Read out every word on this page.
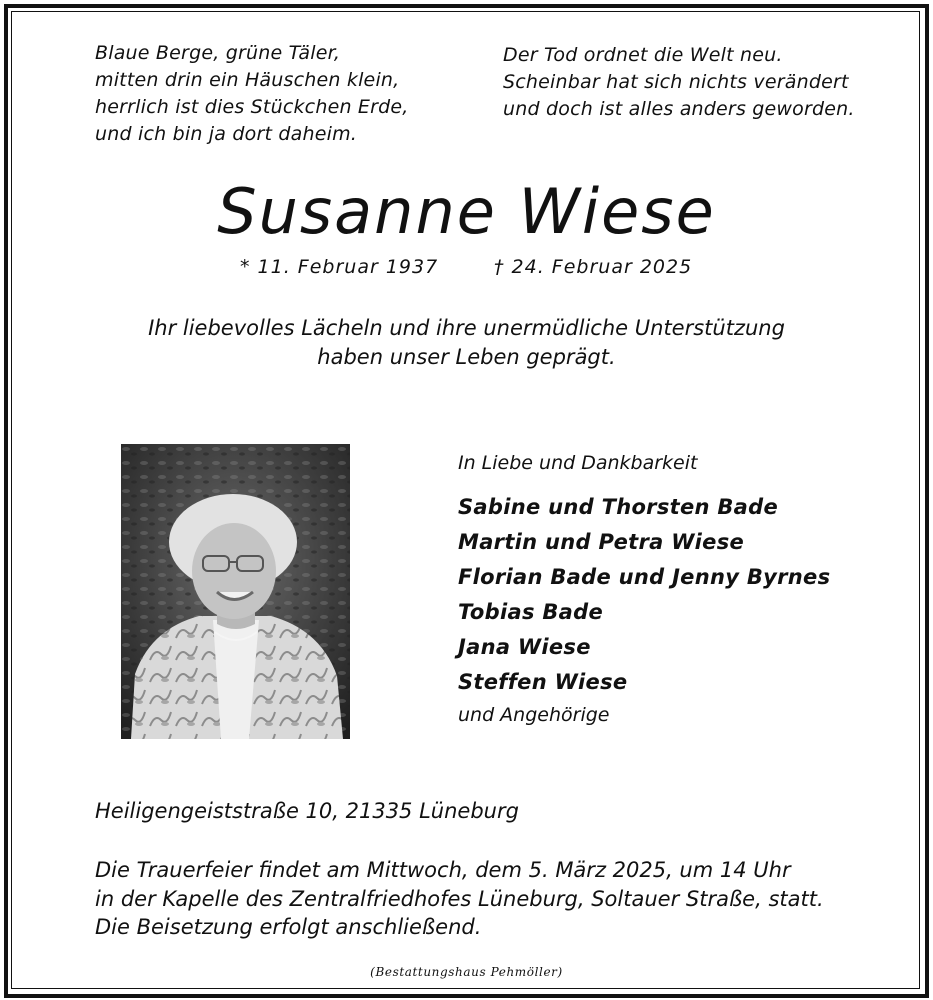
Blaue Berge, grüne Täler,
mitten drin ein Häuschen klein,
herrlich ist dies Stückchen Erde,
und ich bin ja dort daheim.
Der Tod ordnet die Welt neu.
Scheinbar hat sich nichts verändert
und doch ist alles anders geworden.
Susanne Wiese
* 11. Februar 1937	† 24. Februar 2025
Ihr liebevolles Lächeln und ihre unermüdliche Unterstützung
haben unser Leben geprägt.
In Liebe und Dankbarkeit
Sabine und Thorsten Bade
Martin und Petra Wiese
Florian Bade und Jenny Byrnes
Tobias Bade
Jana Wiese
Steffen Wiese
und Angehörige
Heiligengeiststraße 10, 21335 Lüneburg
Die Trauerfeier findet am Mittwoch, dem 5. März 2025, um 14 Uhr
in der Kapelle des Zentralfriedhofes Lüneburg, Soltauer Straße, statt.
Die Beisetzung erfolgt anschließend.
(Bestattungshaus Pehmöller)
